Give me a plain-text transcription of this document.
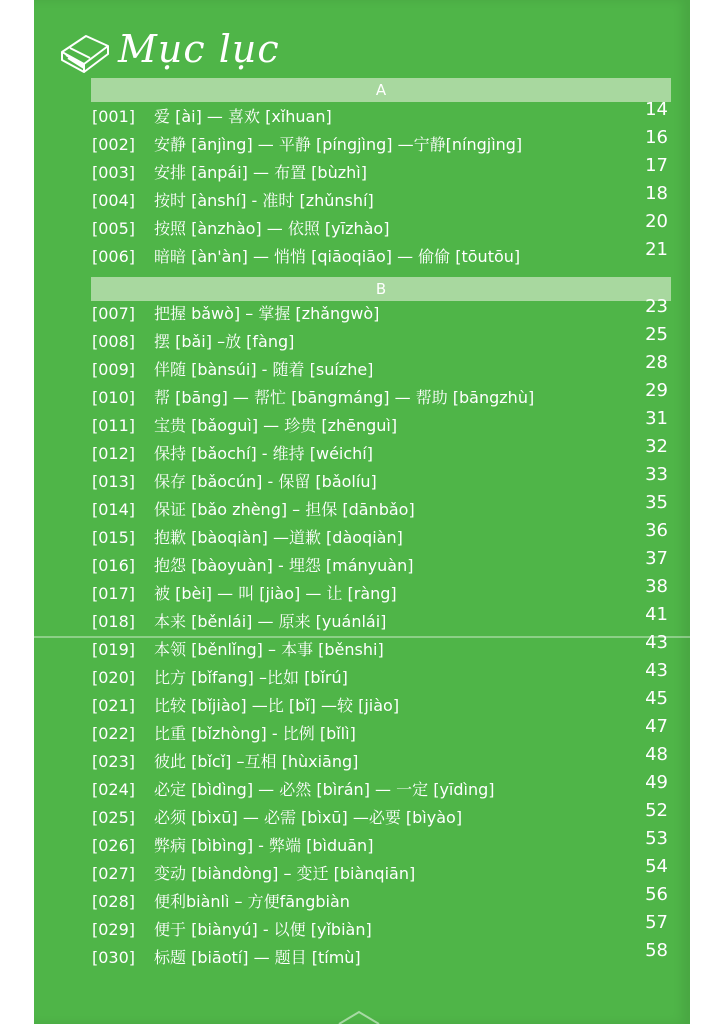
Mục lục
A
[001] 爱 [ài] — 喜欢 [xǐhuan]	14
[002] 安静 [ānjìng] — 平静 [píngjìng] —宁静[níngjìng]	16
[003] 安排 [ānpái] — 布置 [bùzhì]	17
[004] 按时 [ànshí] - 准时 [zhǔnshí]	18
[005] 按照 [ànzhào] — 依照 [yīzhào]	20
[006] 暗暗 [àn'àn] — 悄悄 [qiāoqiāo] — 偷偷 [tōutōu]	21
B
[007] 把握 bǎwò] – 掌握 [zhǎngwò]	23
[008] 摆 [bǎi] –放 [fàng]	25
[009] 伴随 [bànsúi] - 随着 [suízhe]	28
[010] 帮 [bāng] — 帮忙 [bāngmáng] — 帮助 [bāngzhù]	29
[011] 宝贵 [bǎoguì] — 珍贵 [zhēnguì]	31
[012] 保持 [bǎochí] - 维持 [wéichí]	32
[013] 保存 [bǎocún] - 保留 [bǎolíu]	33
[014] 保证 [bǎo zhèng] – 担保 [dānbǎo]	35
[015] 抱歉 [bàoqiàn] —道歉 [dàoqiàn]	36
[016] 抱怨 [bàoyuàn] - 埋怨 [mányuàn]	37
[017] 被 [bèi] — 叫 [jiào] — 让 [ràng]	38
[018] 本来 [běnlái] — 原来 [yuánlái]	41
[019] 本领 [běnlǐng] – 本事 [běnshi]	43
[020] 比方 [bǐfang] –比如 [bǐrú]	43
[021] 比较 [bǐjiào] —比 [bǐ] —较 [jiào]	45
[022] 比重 [bǐzhòng] - 比例 [bǐlì]	47
[023] 彼此 [bǐcǐ] –互相 [hùxiāng]	48
[024] 必定 [bìdìng] — 必然 [bìrán] — 一定 [yīdìng]	49
[025] 必须 [bìxū] — 必需 [bìxū] —必要 [bìyào]	52
[026] 弊病 [bìbìng] - 弊端 [bìduān]	53
[027] 变动 [biàndòng] – 变迁 [biànqiān]	54
[028] 便利biànlì – 方便fāngbiàn	56
[029] 便于 [biànyú] - 以便 [yǐbiàn]	57
[030] 标题 [biāotí] — 题目 [tímù]	58
